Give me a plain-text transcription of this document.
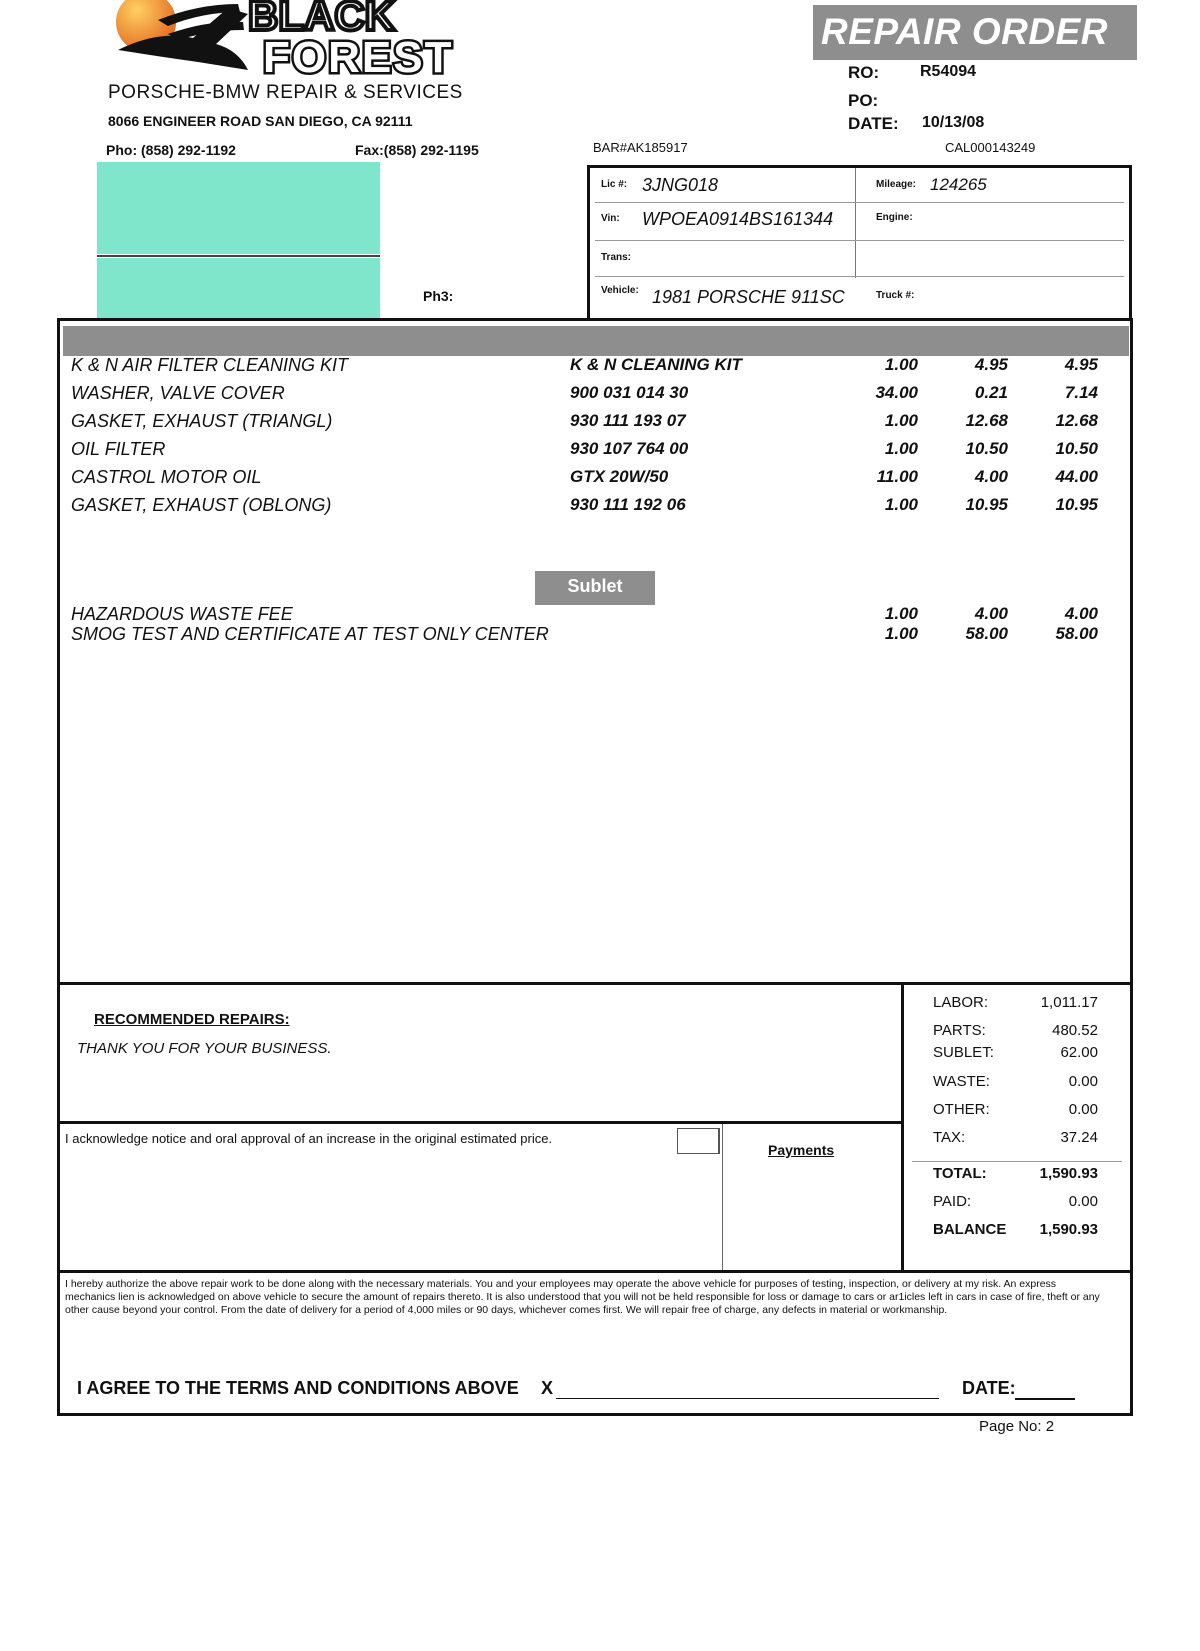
BLACK
FOREST
PORSCHE-BMW REPAIR & SERVICES
8066 ENGINEER ROAD SAN DIEGO, CA 92111
Pho: (858) 292-1192	Fax:(858) 292-1195
REPAIR ORDER
RO:	R54094
PO:
DATE: 10/13/08
BAR#AK185917	CAL000143249
Ph3:
Lic #: 3JNG018	Mileage: 124265
Vin: WPOEA0914BS161344	Engine:
Trans:
Vehicle: 1981 PORSCHE 911SC	Truck #:
K & N AIR FILTER CLEANING KIT	K & N CLEANING KIT	1.00	4.95	4.95
WASHER, VALVE COVER	900 031 014 30	34.00	0.21	7.14
GASKET, EXHAUST (TRIANGL)	930 111 193 07	1.00	12.68	12.68
OIL FILTER	930 107 764 00	1.00	10.50	10.50
CASTROL MOTOR OIL	GTX 20W/50	11.00	4.00	44.00
GASKET, EXHAUST (OBLONG)	930 111 192 06	1.00	10.95	10.95
Sublet
HAZARDOUS WASTE FEE	1.00	4.00	4.00
SMOG TEST AND CERTIFICATE AT TEST ONLY CENTER	1.00	58.00	58.00
RECOMMENDED REPAIRS:
THANK YOU FOR YOUR BUSINESS.
I acknowledge notice and oral approval of an increase in the original estimated price.
Payments
LABOR:	1,011.17
PARTS:	480.52
SUBLET:	62.00
WASTE:	0.00
OTHER:	0.00
TAX:	37.24
TOTAL:	1,590.93
PAID:	0.00
BALANCE	1,590.93
I hereby authorize the above repair work to be done along with the necessary materials. You and your employees may operate the above vehicle for purposes of testing, inspection, or delivery at my risk. An express mechanics lien is acknowledged on above vehicle to secure the amount of repairs thereto. It is also understood that you will not be held responsible for loss or damage to cars or ar1icles left in cars in case of fire, theft or any other cause beyond your control. From the date of delivery for a period of 4,000 miles or 90 days, whichever comes first. We will repair free of charge, any defects in material or workmanship.
I AGREE TO THE TERMS AND CONDITIONS ABOVE X	DATE:
Page No: 2
